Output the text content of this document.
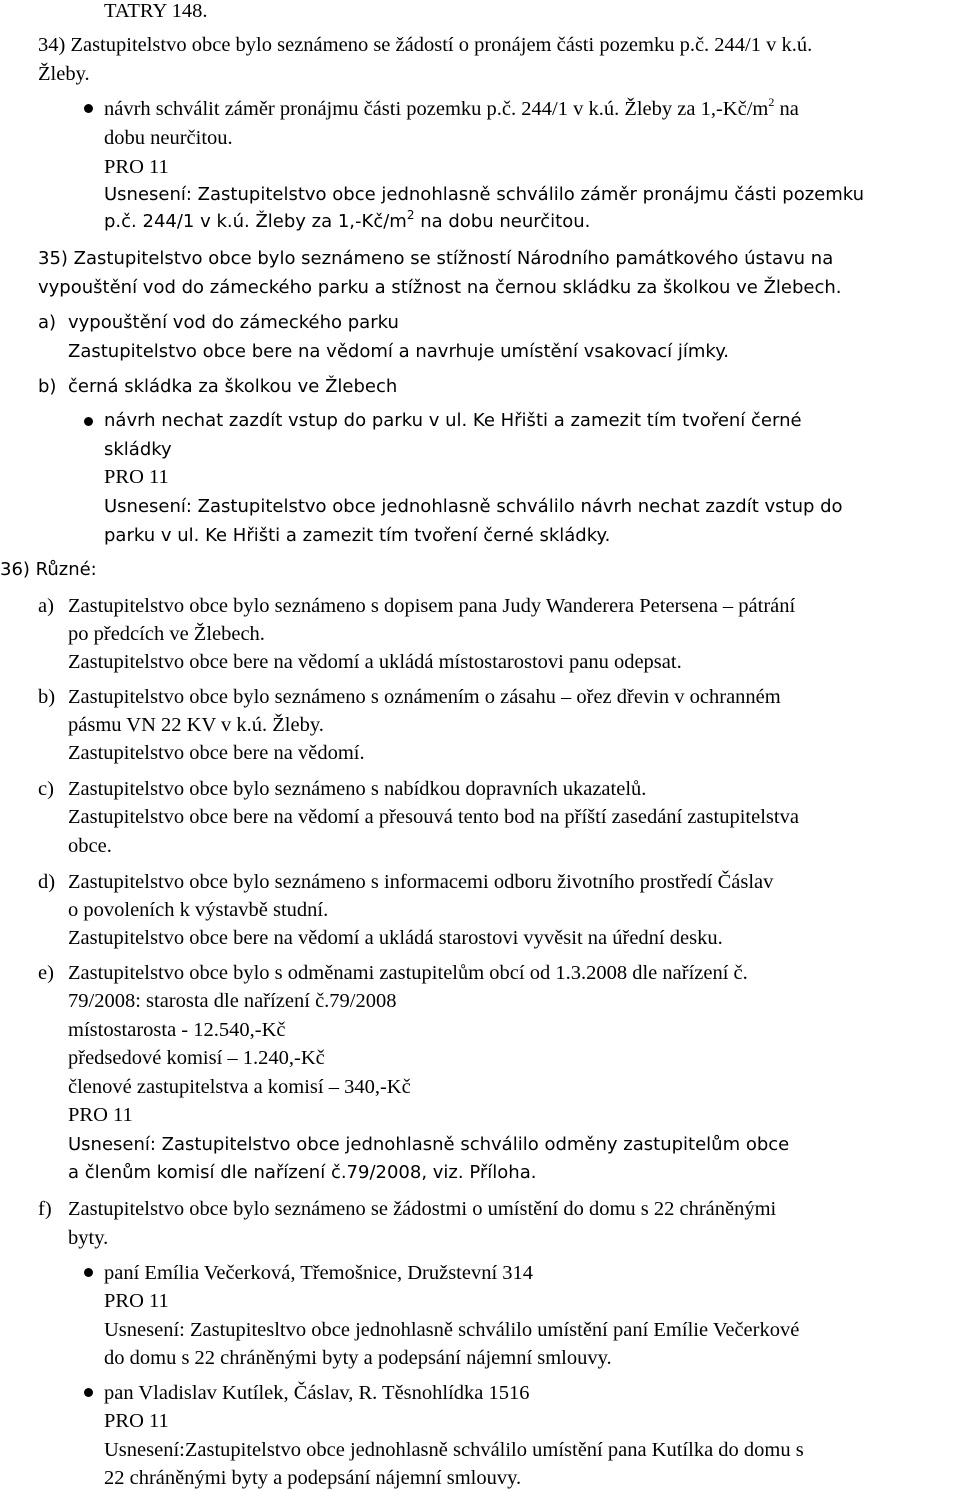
TATRY 148.
34) Zastupitelstvo obce bylo seznámeno se žádostí o pronájem části pozemku p.č. 244/1 v k.ú.
Žleby.
návrh schválit záměr pronájmu části pozemku p.č. 244/1 v k.ú. Žleby za $1,-Kč/m^2$ na
dobu neurčitou.
PRO 11
Usnesení: Zastupitelstvo obce jednohlasně schválilo záměr pronájmu části pozemku
p.č. 244/1 v k.ú. Žleby za $1,-Kč/m^2$ na dobu neurčitou.
35) Zastupitelstvo obce bylo seznámeno se stížností Národního památkového ústavu na
vypouštění vod do zámeckého parku a stížnost na černou skládku za školkou ve Žlebech.
a) vypouštění vod do zámeckého parku
Zastupitelstvo obce bere na vědomí a navrhuje umístění vsakovací jímky.
b) černá skládka za školkou ve Žlebech
návrh nechat zazdít vstup do parku v ul. Ke Hřišti a zamezit tím tvoření černé
skládky
PRO 11
Usnesení: Zastupitelstvo obce jednohlasně schválilo návrh nechat zazdít vstup do
parku v ul. Ke Hřišti a zamezit tím tvoření černé skládky.
36) Různé:
a) Zastupitelstvo obce bylo seznámeno s dopisem pana Judy Wanderera Petersena – pátrání
po předcích ve Žlebech.
Zastupitelstvo obce bere na vědomí a ukládá místostarostovi panu odepsat.
b) Zastupitelstvo obce bylo seznámeno s oznámením o zásahu – ořez dřevin v ochranném
pásmu VN 22 KV v k.ú. Žleby.
Zastupitelstvo obce bere na vědomí.
c) Zastupitelstvo obce bylo seznámeno s nabídkou dopravních ukazatelů.
Zastupitelstvo obce bere na vědomí a přesouvá tento bod na příští zasedání zastupitelstva
obce.
d) Zastupitelstvo obce bylo seznámeno s informacemi odboru životního prostředí Čáslav
o povoleních k výstavbě studní.
Zastupitelstvo obce bere na vědomí a ukládá starostovi vyvěsit na úřední desku.
e) Zastupitelstvo obce bylo s odměnami zastupitelům obcí od 1.3.2008 dle nařízení č.
79/2008: starosta dle nařízení č.79/2008
místostarosta - 12.540,-Kč
předsedové komisí – 1.240,-Kč
členové zastupitelstva a komisí – 340,-Kč
PRO 11
Usnesení: Zastupitelstvo obce jednohlasně schválilo odměny zastupitelům obce
a členům komisí dle nařízení č.79/2008, viz. Příloha.
f) Zastupitelstvo obce bylo seznámeno se žádostmi o umístění do domu s 22 chráněnými
byty.
paní Emília Večerková, Třemošnice, Družstevní 314
PRO 11
Usnesení: Zastupitesltvo obce jednohlasně schválilo umístění paní Emílie Večerkové
do domu s 22 chráněnými byty a podepsání nájemní smlouvy.
pan Vladislav Kutílek, Čáslav, R. Těsnohlídka 1516
PRO 11
Usnesení:Zastupitelstvo obce jednohlasně schválilo umístění pana Kutílka do domu s
22 chráněnými byty a podepsání nájemní smlouvy.
